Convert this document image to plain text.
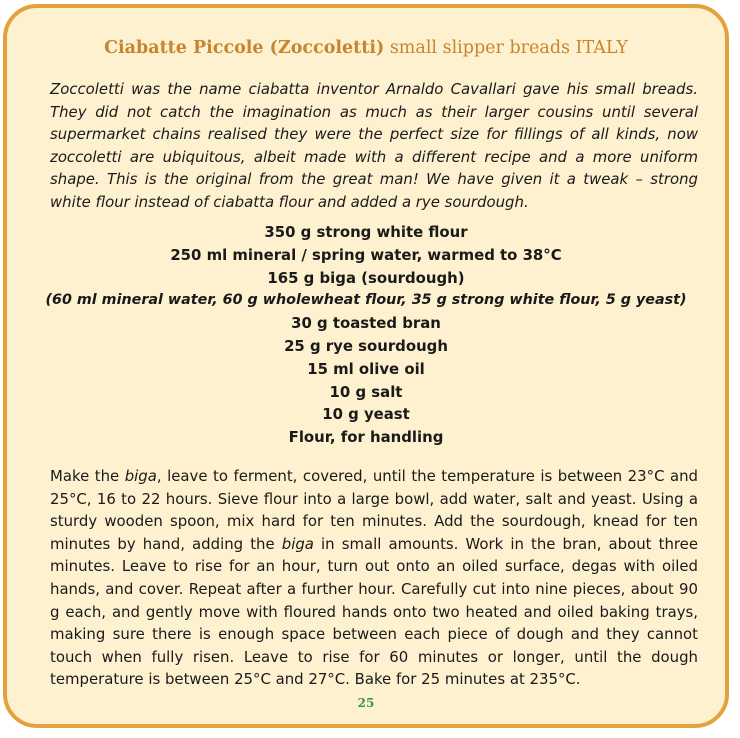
Ciabatte Piccole (Zoccoletti) small slipper breads ITALY

Zoccoletti was the name ciabatta inventor Arnaldo Cavallari gave his small breads. They did not catch the imagination as much as their larger cousins until several supermarket chains realised they were the perfect size for fillings of all kinds, now zoccoletti are ubiquitous, albeit made with a different recipe and a more uniform shape. This is the original from the great man! We have given it a tweak – strong white flour instead of ciabatta flour and added a rye sourdough.

350 g strong white flour
250 ml mineral / spring water, warmed to 38°C
165 g biga (sourdough)
(60 ml mineral water, 60 g wholewheat flour, 35 g strong white flour, 5 g yeast)
30 g toasted bran
25 g rye sourdough
15 ml olive oil
10 g salt
10 g yeast
Flour, for handling

Make the biga, leave to ferment, covered, until the temperature is between 23°C and 25°C, 16 to 22 hours. Sieve flour into a large bowl, add water, salt and yeast. Using a sturdy wooden spoon, mix hard for ten minutes. Add the sourdough, knead for ten minutes by hand, adding the biga in small amounts. Work in the bran, about three minutes. Leave to rise for an hour, turn out onto an oiled surface, degas with oiled hands, and cover. Repeat after a further hour. Carefully cut into nine pieces, about 90 g each, and gently move with floured hands onto two heated and oiled baking trays, making sure there is enough space between each piece of dough and they cannot touch when fully risen. Leave to rise for 60 minutes or longer, until the dough temperature is between 25°C and 27°C. Bake for 25 minutes at 235°C.

25
